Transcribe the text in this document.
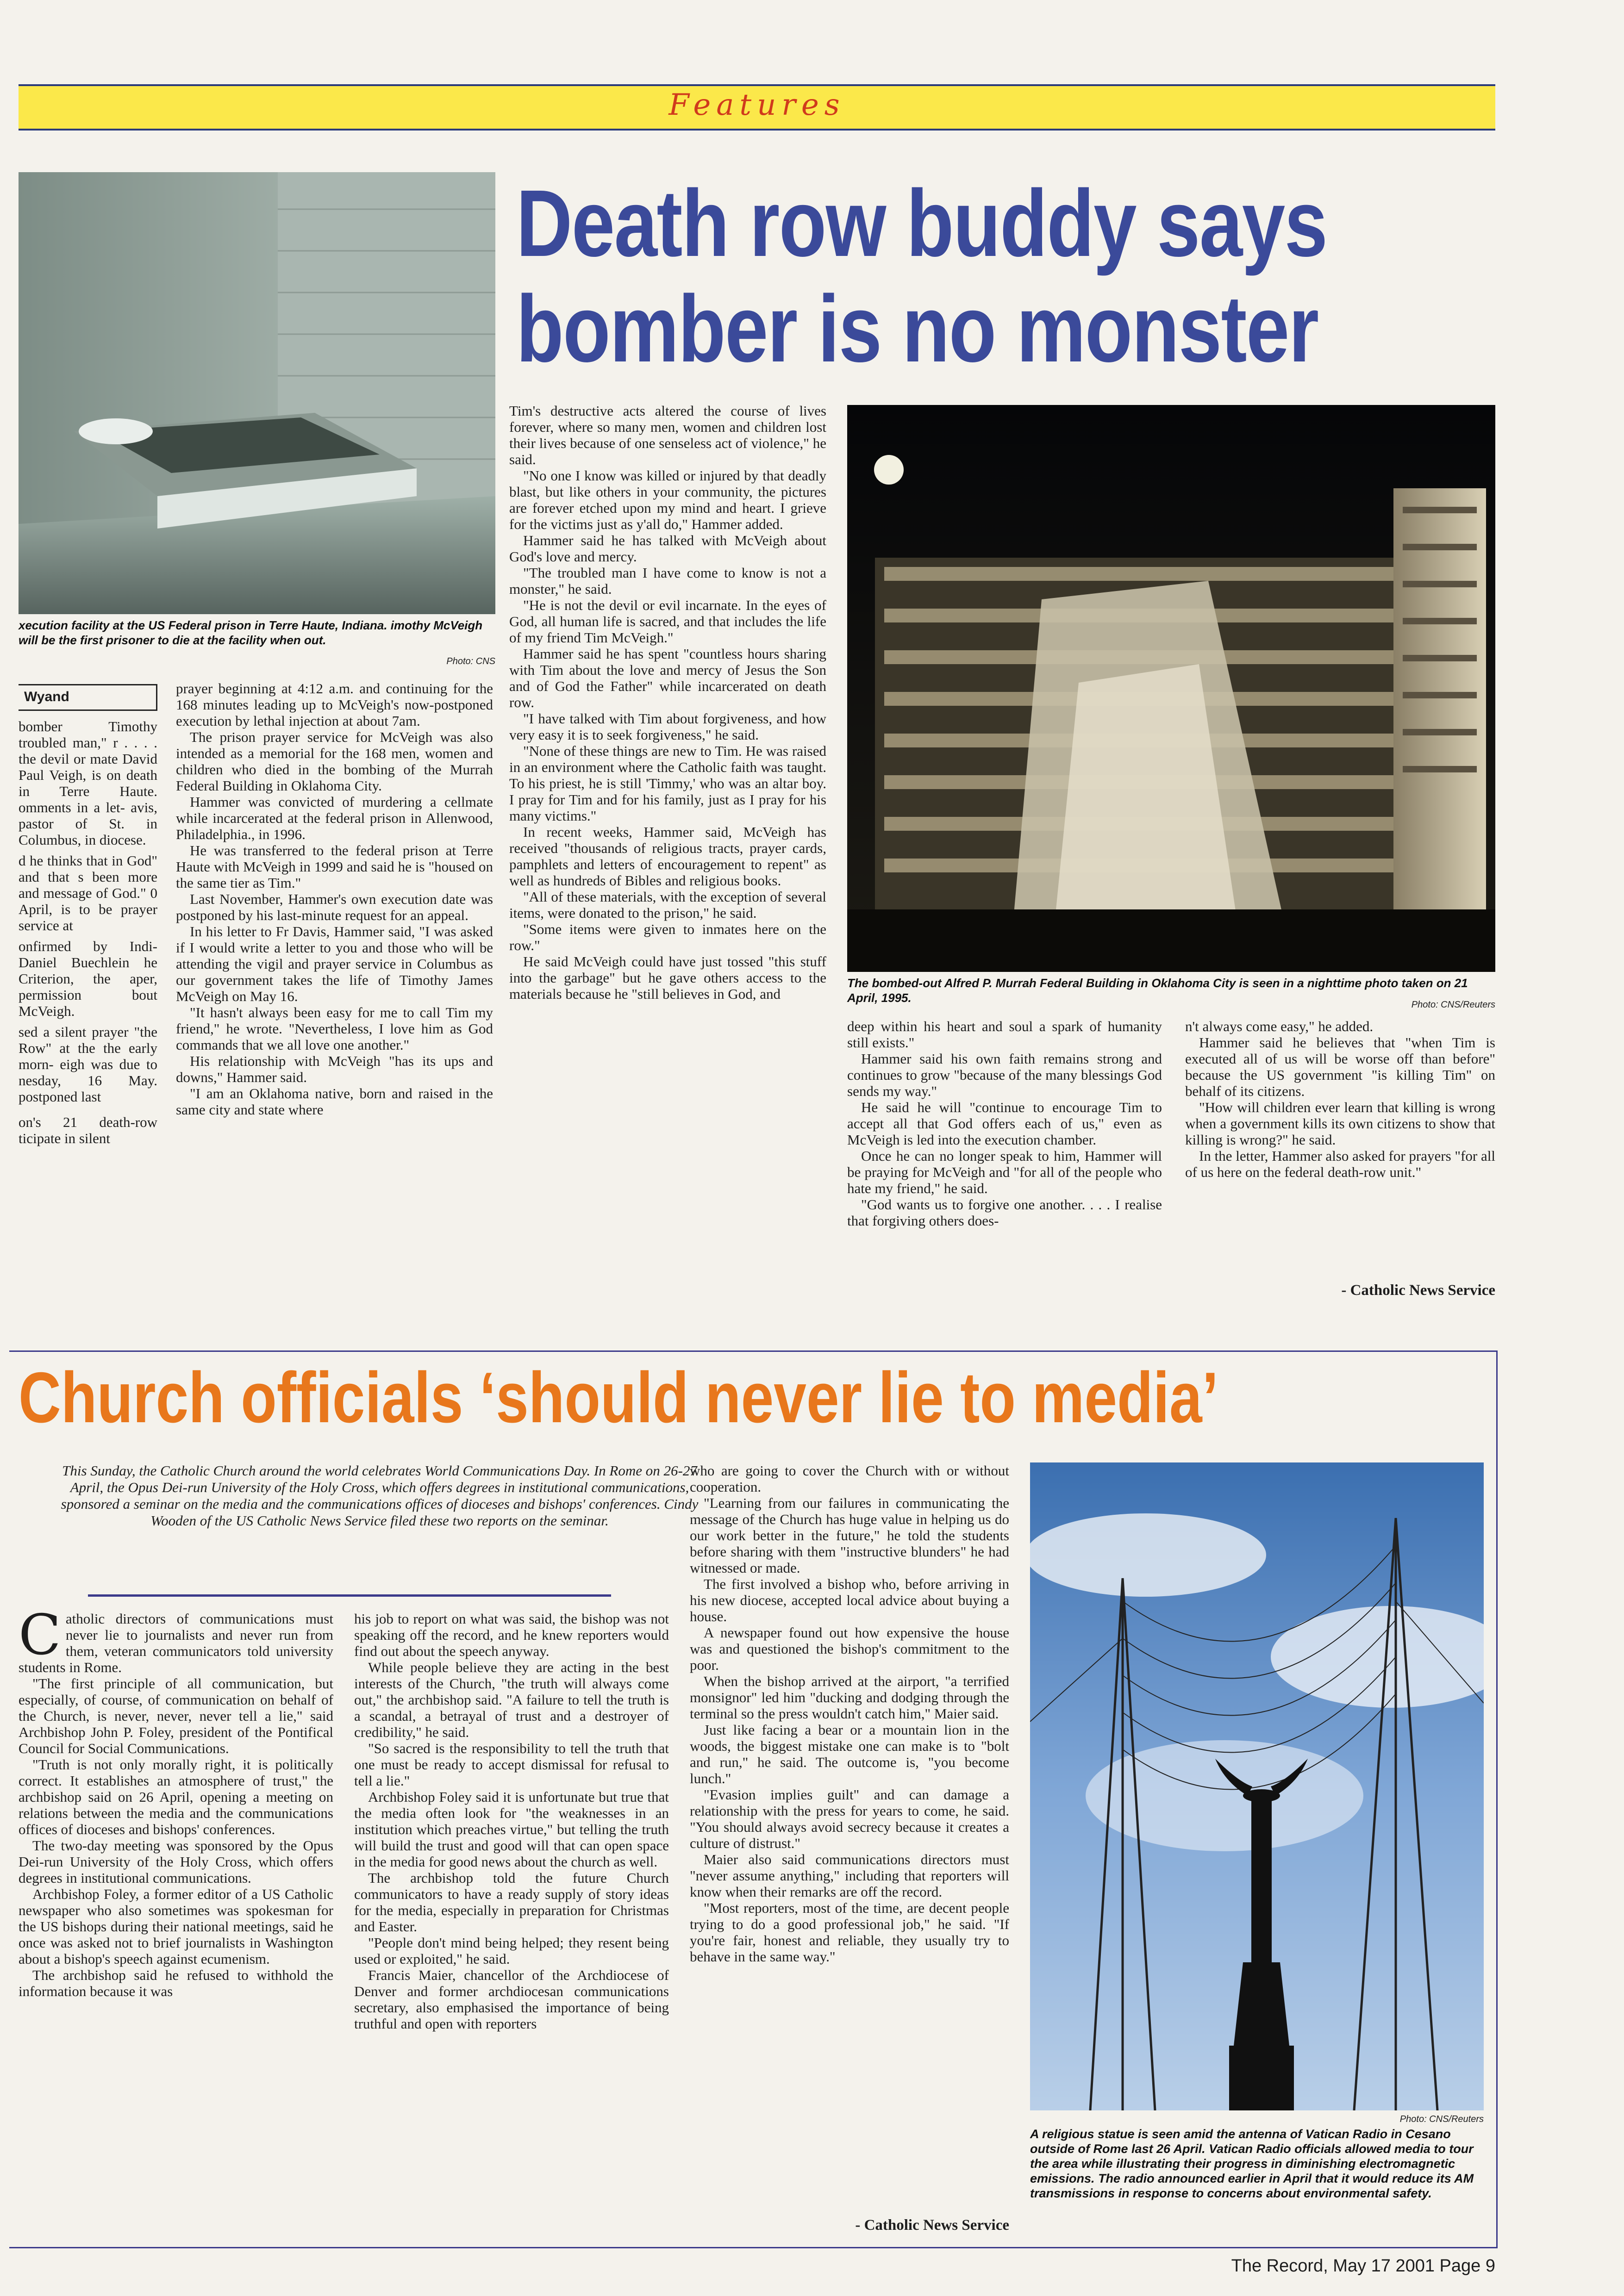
Features
Death row buddy says
bomber is no monster
xecution facility at the US Federal prison in Terre Haute, Indiana. imothy McVeigh will be the first prisoner to die at the facility when out.
Photo: CNS
Wyand

bomber Timothy troubled man," r . . . . the devil or mate David Paul Veigh, is on death in Terre Haute. omments in a let- avis, pastor of St. in Columbus, in diocese.

d he thinks that in God" and that s been more and message of God." 0 April, is to be prayer service at

onfirmed by Indi- Daniel Buechlein he Criterion, the aper, permission bout McVeigh.

sed a silent prayer "the Row" at the the early morn- eigh was due to nesday, 16 May. postponed last

on's 21 death-row ticipate in silent

prayer beginning at 4:12 a.m. and continuing for the 168 minutes leading up to McVeigh's now-postponed execution by lethal injection at about 7am.

The prison prayer service for McVeigh was also intended as a memorial for the 168 men, women and children who died in the bombing of the Murrah Federal Building in Oklahoma City.

Hammer was convicted of murdering a cellmate while incarcerated at the federal prison in Allenwood, Philadelphia., in 1996.

He was transferred to the federal prison at Terre Haute with McVeigh in 1999 and said he is "housed on the same tier as Tim."

Last November, Hammer's own execution date was postponed by his last-minute request for an appeal.

In his letter to Fr Davis, Hammer said, "I was asked if I would write a letter to you and those who will be attending the vigil and prayer service in Columbus as our government takes the life of Timothy James McVeigh on May 16.

"It hasn't always been easy for me to call Tim my friend," he wrote. "Nevertheless, I love him as God commands that we all love one another."

His relationship with McVeigh "has its ups and downs," Hammer said.

"I am an Oklahoma native, born and raised in the same city and state where

Tim's destructive acts altered the course of lives forever, where so many men, women and children lost their lives because of one senseless act of violence," he said.

"No one I know was killed or injured by that deadly blast, but like others in your community, the pictures are forever etched upon my mind and heart. I grieve for the victims just as y'all do," Hammer added.

Hammer said he has talked with McVeigh about God's love and mercy.

"The troubled man I have come to know is not a monster," he said.

"He is not the devil or evil incarnate. In the eyes of God, all human life is sacred, and that includes the life of my friend Tim McVeigh."

Hammer said he has spent "countless hours sharing with Tim about the love and mercy of Jesus the Son and of God the Father" while incarcerated on death row.

"I have talked with Tim about forgiveness, and how very easy it is to seek forgiveness," he said.

"None of these things are new to Tim. He was raised in an environment where the Catholic faith was taught. To his priest, he is still 'Timmy,' who was an altar boy. I pray for Tim and for his family, just as I pray for his many victims."

In recent weeks, Hammer said, McVeigh has received "thousands of religious tracts, prayer cards, pamphlets and letters of encouragement to repent" as well as hundreds of Bibles and religious books.

"All of these materials, with the exception of several items, were donated to the prison," he said.

"Some items were given to inmates here on the row."

He said McVeigh could have just tossed "this stuff into the garbage" but he gave others access to the materials because he "still believes in God, and

The bombed-out Alfred P. Murrah Federal Building in Oklahoma City is seen in a nighttime photo taken on 21 April, 1995.	Photo: CNS/Reuters

deep within his heart and soul a spark of humanity still exists."

Hammer said his own faith remains strong and continues to grow "because of the many blessings God sends my way."

He said he will "continue to encourage Tim to accept all that God offers each of us," even as McVeigh is led into the execution chamber.

Once he can no longer speak to him, Hammer will be praying for McVeigh and "for all of the people who hate my friend," he said.

"God wants us to forgive one another. . . . I realise that forgiving others does-

n't always come easy," he added.

Hammer said he believes that "when Tim is executed all of us will be worse off than before" because the US government "is killing Tim" on behalf of its citizens.

"How will children ever learn that killing is wrong when a government kills its own citizens to show that killing is wrong?" he said.

In the letter, Hammer also asked for prayers "for all of us here on the federal death-row unit."

- Catholic News Service
Church officials ‘should never lie to media’
This Sunday, the Catholic Church around the world celebrates World Communications Day. In Rome on 26-27 April, the Opus Dei-run University of the Holy Cross, which offers degrees in institutional communications, sponsored a seminar on the media and the communications offices of dioceses and bishops' conferences. Cindy Wooden of the US Catholic News Service filed these two reports on the seminar.
C atholic directors of communications must never lie to journalists and never run from them, veteran communicators told university students in Rome.

"The first principle of all communication, but especially, of course, of communication on behalf of the Church, is never, never, never tell a lie," said Archbishop John P. Foley, president of the Pontifical Council for Social Communications.

"Truth is not only morally right, it is politically correct. It establishes an atmosphere of trust," the archbishop said on 26 April, opening a meeting on relations between the media and the communications offices of dioceses and bishops' conferences.

The two-day meeting was sponsored by the Opus Dei-run University of the Holy Cross, which offers degrees in institutional communications.

Archbishop Foley, a former editor of a US Catholic newspaper who also sometimes was spokesman for the US bishops during their national meetings, said he once was asked not to brief journalists in Washington about a bishop's speech against ecumenism.

The archbishop said he refused to withhold the information because it was

his job to report on what was said, the bishop was not speaking off the record, and he knew reporters would find out about the speech anyway.

While people believe they are acting in the best interests of the Church, "the truth will always come out," the archbishop said. "A failure to tell the truth is a scandal, a betrayal of trust and a destroyer of credibility," he said.

"So sacred is the responsibility to tell the truth that one must be ready to accept dismissal for refusal to tell a lie."

Archbishop Foley said it is unfortunate but true that the media often look for "the weaknesses in an institution which preaches virtue," but telling the truth will build the trust and good will that can open space in the media for good news about the church as well.

The archbishop told the future Church communicators to have a ready supply of story ideas for the media, especially in preparation for Christmas and Easter.

"People don't mind being helped; they resent being used or exploited," he said.

Francis Maier, chancellor of the Archdiocese of Denver and former archdiocesan communications secretary, also emphasised the importance of being truthful and open with reporters

who are going to cover the Church with or without cooperation.

"Learning from our failures in communicating the message of the Church has huge value in helping us do our work better in the future," he told the students before sharing with them "instructive blunders" he had witnessed or made.

The first involved a bishop who, before arriving in his new diocese, accepted local advice about buying a house.

A newspaper found out how expensive the house was and questioned the bishop's commitment to the poor.

When the bishop arrived at the airport, "a terrified monsignor" led him "ducking and dodging through the terminal so the press wouldn't catch him," Maier said.

Just like facing a bear or a mountain lion in the woods, the biggest mistake one can make is to "bolt and run," he said. The outcome is, "you become lunch."

"Evasion implies guilt" and can damage a relationship with the press for years to come, he said. "You should always avoid secrecy because it creates a culture of distrust."

Maier also said communications directors must "never assume anything," including that reporters will know when their remarks are off the record.

"Most reporters, most of the time, are decent people trying to do a good professional job," he said. "If you're fair, honest and reliable, they usually try to behave in the same way."

- Catholic News Service
Photo: CNS/Reuters
A religious statue is seen amid the antenna of Vatican Radio in Cesano outside of Rome last 26 April. Vatican Radio officials allowed media to tour the area while illustrating their progress in diminishing electromagnetic emissions. The radio announced earlier in April that it would reduce its AM transmissions in response to concerns about environmental safety.
The Record, May 17 2001 Page 9
